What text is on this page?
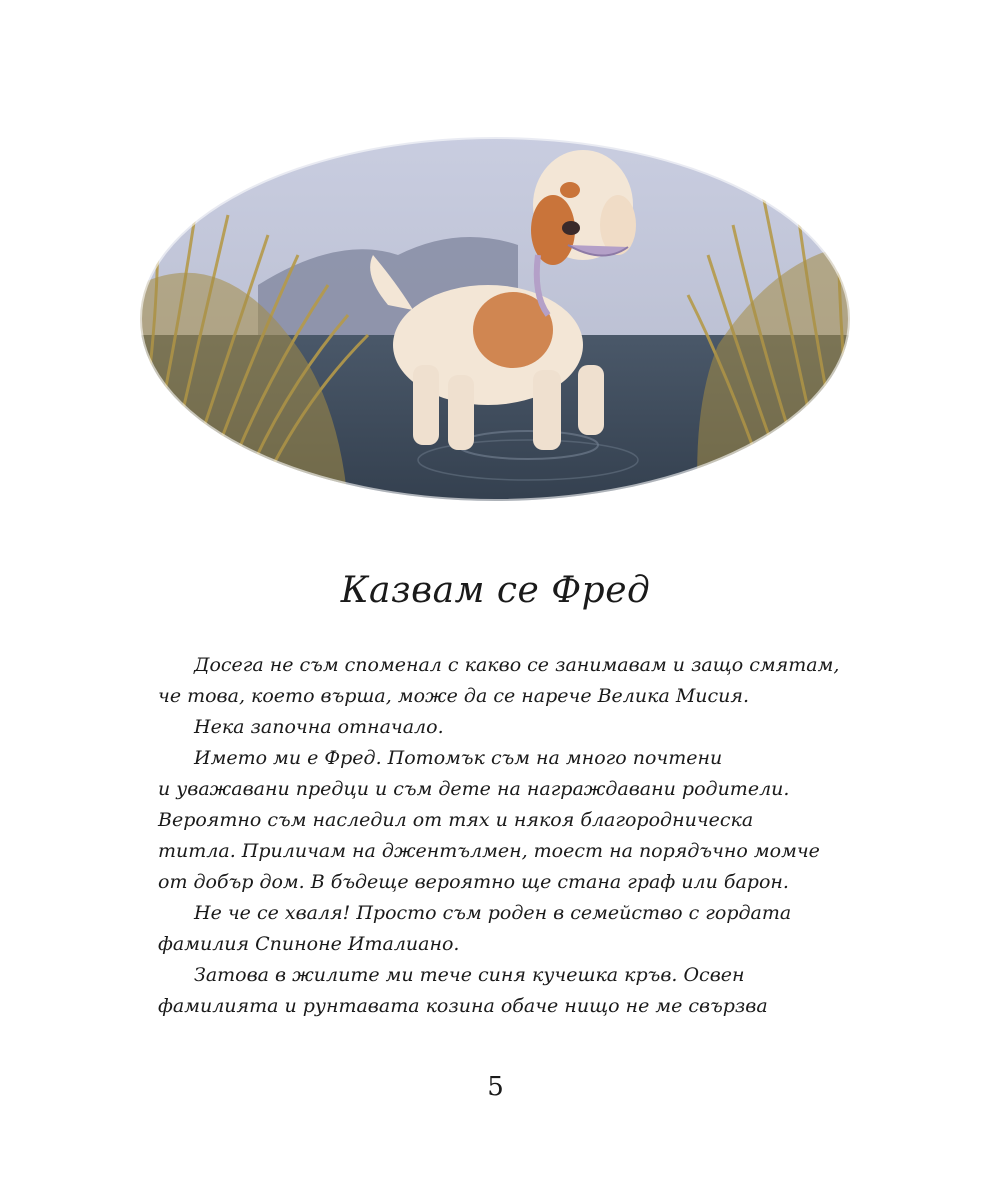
Казвам се Фред
Досега не съм споменал с какво се занимавам и защо смятам,
че това, което върша, може да се нарече Велика Мисия.
Нека започна отначало.
Името ми е Фред. Потомък съм на много почтени
и уважавани предци и съм дете на награждавани родители.
Вероятно съм наследил от тях и някоя благородническа
титла. Приличам на джентълмен, тоест на порядъчно момче
от добър дом. В бъдеще вероятно ще стана граф или барон.
Не че се хваля! Просто съм роден в семейство с гордата
фамилия Спиноне Италиано.
Затова в жилите ми тече синя кучешка кръв. Освен
фамилията и рунтавата козина обаче нищо не ме свързва
5
